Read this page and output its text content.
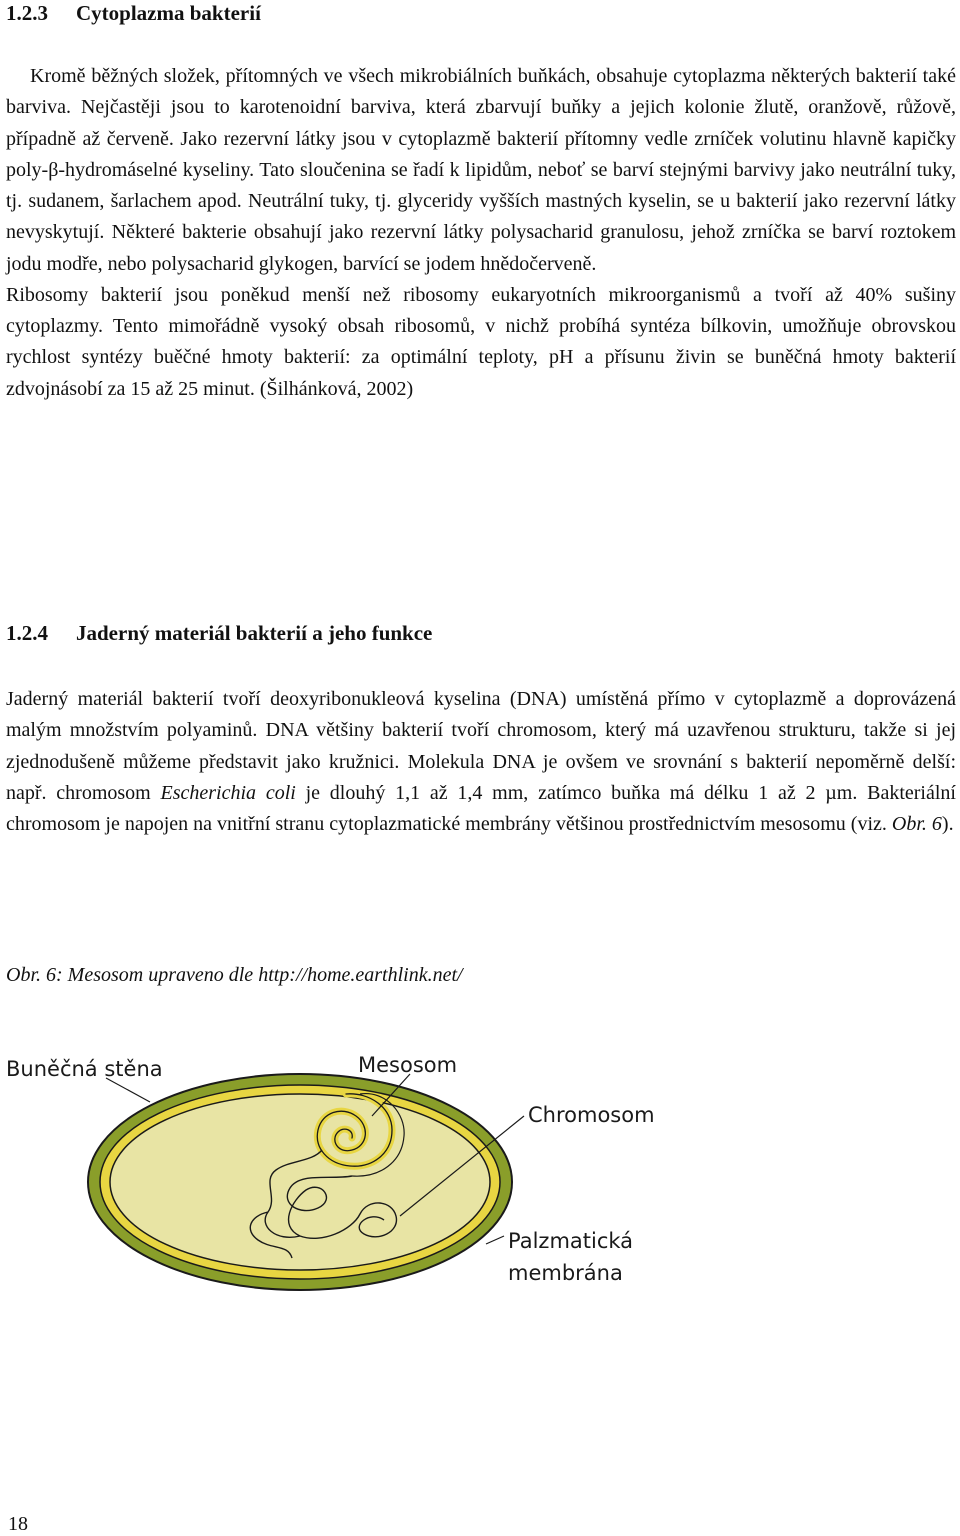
1.2.3 Cytoplazma bakterií
Kromě běžných složek, přítomných ve všech mikrobiálních buňkách, obsahuje cytoplazma některých bakterií také barviva. Nejčastěji jsou to karotenoidní barviva, která zbarvují buňky a jejich kolonie žlutě, oranžově, růžově, případně až červeně. Jako rezervní látky jsou v cytoplazmě bakterií přítomny vedle zrníček volutinu hlavně kapičky poly-β-hydromáselné kyseliny. Tato sloučenina se řadí k lipidům, neboť se barví stejnými barvivy jako neutrální tuky, tj. sudanem, šarlachem apod. Neutrální tuky, tj. glyceridy vyšších mastných kyselin, se u bakterií jako rezervní látky nevyskytují. Některé bakterie obsahují jako rezervní látky polysacharid granulosu, jehož zrníčka se barví roztokem jodu modře, nebo polysacharid glykogen, barvící se jodem hnědočerveně.
Ribosomy bakterií jsou poněkud menší než ribosomy eukaryotních mikroorganismů a tvoří až 40% sušiny cytoplazmy. Tento mimořádně vysoký obsah ribosomů, v nichž probíhá syntéza bílkovin, umožňuje obrovskou rychlost syntézy buěčné hmoty bakterií: za optimální teploty, pH a přísunu živin se buněčná hmoty bakterií zdvojnásobí za 15 až 25 minut. (Šilhánková, 2002)
1.2.4 Jaderný materiál bakterií a jeho funkce
Jaderný materiál bakterií tvoří deoxyribonukleová kyselina (DNA) umístěná přímo v cytoplazmě a doprovázená malým množstvím polyaminů. DNA většiny bakterií tvoří chromosom, který má uzavřenou strukturu, takže si jej zjednodušeně můžeme představit jako kružnici. Molekula DNA je ovšem ve srovnání s bakterií nepoměrně delší: např. chromosom Escherichia coli je dlouhý 1,1 až 1,4 mm, zatímco buňka má délku 1 až 2 µm. Bakteriální chromosom je napojen na vnitřní stranu cytoplazmatické membrány většinou prostřednictvím mesosomu (viz. Obr. 6).

Obr. 6: Mesosom upraveno dle http://home.earthlink.net/

Buněčná stěna	Mesosom
Chromosom
Palzmatická
membrána

18
